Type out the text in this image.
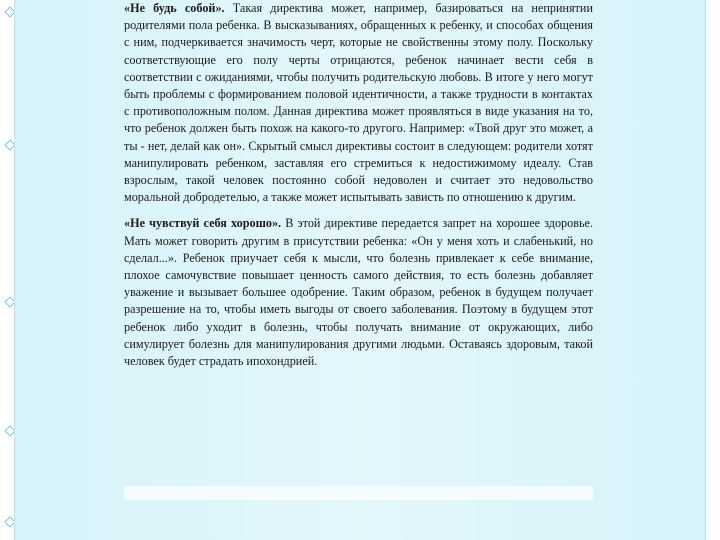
«Не будь собой». Такая директива может, например, базироваться на непринятии родителями пола ребенка. В высказываниях, обращенных к ребенку, и способах общения с ним, подчеркивается значимость черт, которые не свойственны этому полу. Поскольку соответствующие его полу черты отрицаются, ребенок начинает вести себя в соответствии с ожиданиями, чтобы получить родительскую любовь. В итоге у него могут быть проблемы с формированием половой идентичности, а также трудности в контактах с противоположным полом. Данная директива может проявляться в виде указания на то, что ребенок должен быть похож на какого-то другого. Например: «Твой друг это может, а ты - нет, делай как он». Скрытый смысл директивы состоит в следующем: родители хотят манипулировать ребенком, заставляя его стремиться к недостижимому идеалу. Став взрослым, такой человек постоянно собой недоволен и считает это недовольство моральной добродетелью, а также может испытывать зависть по отношению к другим.

«Не чувствуй себя хорошо». В этой директиве передается запрет на хорошее здоровье. Мать может говорить другим в присутствии ребенка: «Он у меня хоть и слабенький, но сделал...». Ребенок приучает себя к мысли, что болезнь привлекает к себе внимание, плохое самочувствие повышает ценность самого действия, то есть болезнь добавляет уважение и вызывает большее одобрение. Таким образом, ребенок в будущем получает разрешение на то, чтобы иметь выгоды от своего заболевания. Поэтому в будущем этот ребенок либо уходит в болезнь, чтобы получать внимание от окружающих, либо симулирует болезнь для манипулирования другими людьми. Оставаясь здоровым, такой человек будет страдать ипохондрией.
